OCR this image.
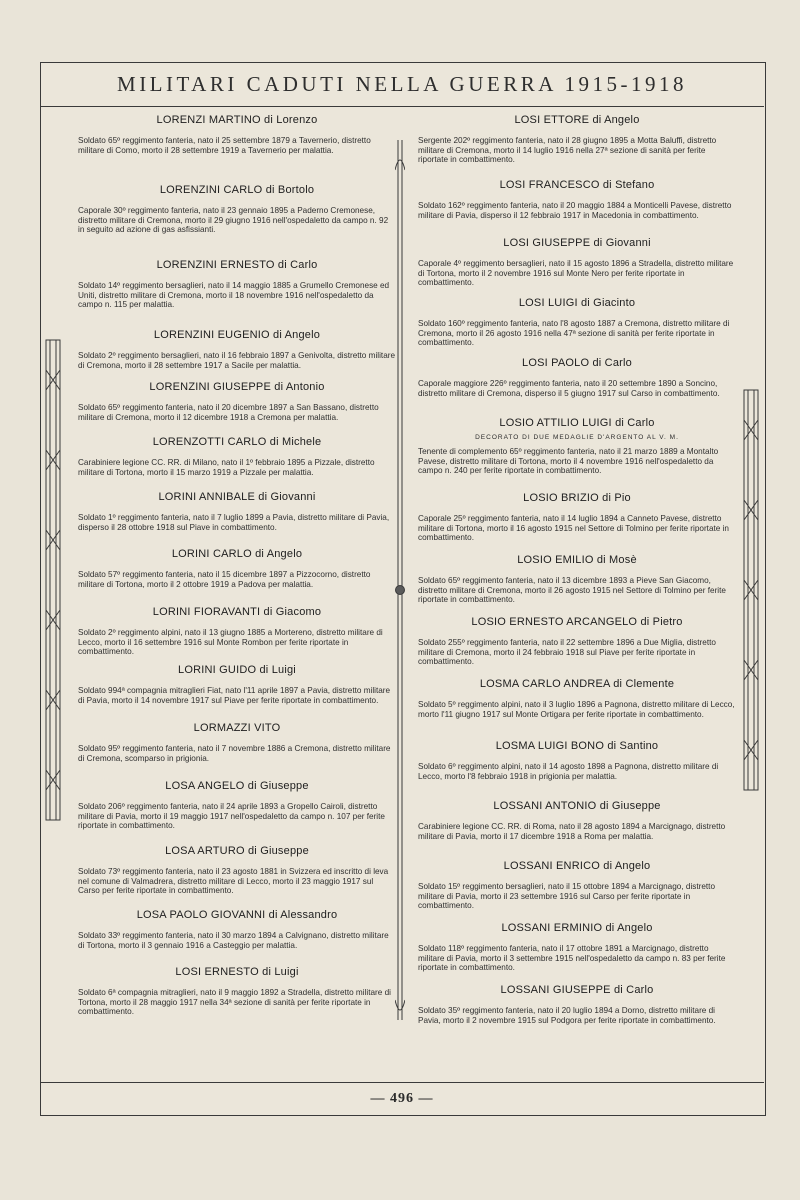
MILITARI CADUTI NELLA GUERRA 1915-1918
LORENZI MARTINO di Lorenzo

Soldato 65º reggimento fanteria, nato il 25 settembre 1879 a Tavernerio, distretto militare di Como, morto il 28 settembre 1919 a Tavernerio per malattia.

LORENZINI CARLO di Bortolo

Caporale 30º reggimento fanteria, nato il 23 gennaio 1895 a Paderno Cremonese, distretto militare di Cremona, morto il 29 giugno 1916 nell'ospedaletto da campo n. 92 in seguito ad azione di gas asfissianti.

LORENZINI ERNESTO di Carlo

Soldato 14º reggimento bersaglieri, nato il 14 maggio 1885 a Grumello Cremonese ed Uniti, distretto militare di Cremona, morto il 18 novembre 1916 nell'ospedaletto da campo n. 115 per malattia.

LORENZINI EUGENIO di Angelo

Soldato 2º reggimento bersaglieri, nato il 16 febbraio 1897 a Genivolta, distretto militare di Cremona, morto il 28 settembre 1917 a Sacile per malattia.

LORENZINI GIUSEPPE di Antonio

Soldato 65º reggimento fanteria, nato il 20 dicembre 1897 a San Bassano, distretto militare di Cremona, morto il 12 dicembre 1918 a Cremona per malattia.

LORENZOTTI CARLO di Michele

Carabiniere legione CC. RR. di Milano, nato il 1º febbraio 1895 a Pizzale, distretto militare di Tortona, morto il 15 marzo 1919 a Pizzale per malattia.

LORINI ANNIBALE di Giovanni

Soldato 1º reggimento fanteria, nato il 7 luglio 1899 a Pavia, distretto militare di Pavia, disperso il 28 ottobre 1918 sul Piave in combattimento.

LORINI CARLO di Angelo

Soldato 57º reggimento fanteria, nato il 15 dicembre 1897 a Pizzocorno, distretto militare di Tortona, morto il 2 ottobre 1919 a Padova per malattia.

LORINI FIORAVANTI di Giacomo

Soldato 2º reggimento alpini, nato il 13 giugno 1885 a Mortereno, distretto militare di Lecco, morto il 16 settembre 1916 sul Monte Rombon per ferite riportate in combattimento.

LORINI GUIDO di Luigi

Soldato 994ª compagnia mitraglieri Fiat, nato l'11 aprile 1897 a Pavia, distretto militare di Pavia, morto il 14 novembre 1917 sul Piave per ferite riportate in combattimento.

LORMAZZI VITO

Soldato 95º reggimento fanteria, nato il 7 novembre 1886 a Cremona, distretto militare di Cremona, scomparso in prigionia.

LOSA ANGELO di Giuseppe

Soldato 206º reggimento fanteria, nato il 24 aprile 1893 a Gropello Cairoli, distretto militare di Pavia, morto il 19 maggio 1917 nell'ospedaletto da campo n. 107 per ferite riportate in combattimento.

LOSA ARTURO di Giuseppe

Soldato 73º reggimento fanteria, nato il 23 agosto 1881 in Svizzera ed inscritto di leva nel comune di Valmadrera, distretto militare di Lecco, morto il 23 maggio 1917 sul Carso per ferite riportate in combattimento.

LOSA PAOLO GIOVANNI di Alessandro

Soldato 33º reggimento fanteria, nato il 30 marzo 1894 a Calvignano, distretto militare di Tortona, morto il 3 gennaio 1916 a Casteggio per malattia.

LOSI ERNESTO di Luigi

Soldato 6ª compagnia mitraglieri, nato il 9 maggio 1892 a Stradella, distretto militare di Tortona, morto il 28 maggio 1917 nella 34ª sezione di sanità per ferite riportate in combattimento.

LOSI ETTORE di Angelo

Sergente 202º reggimento fanteria, nato il 28 giugno 1895 a Motta Baluffi, distretto militare di Cremona, morto il 14 luglio 1916 nella 27ª sezione di sanità per ferite riportate in combattimento.

LOSI FRANCESCO di Stefano

Soldato 162º reggimento fanteria, nato il 20 maggio 1884 a Monticelli Pavese, distretto militare di Pavia, disperso il 12 febbraio 1917 in Macedonia in combattimento.

LOSI GIUSEPPE di Giovanni

Caporale 4º reggimento bersaglieri, nato il 15 agosto 1896 a Stradella, distretto militare di Tortona, morto il 2 novembre 1916 sul Monte Nero per ferite riportate in combattimento.

LOSI LUIGI di Giacinto

Soldato 160º reggimento fanteria, nato l'8 agosto 1887 a Cremona, distretto militare di Cremona, morto il 26 agosto 1916 nella 47ª sezione di sanità per ferite riportate in combattimento.

LOSI PAOLO di Carlo

Caporale maggiore 226º reggimento fanteria, nato il 20 settembre 1890 a Soncino, distretto militare di Cremona, disperso il 5 giugno 1917 sul Carso in combattimento.

LOSIO ATTILIO LUIGI di Carlo
DECORATO DI DUE MEDAGLIE D'ARGENTO AL V. M.

Tenente di complemento 65º reggimento fanteria, nato il 21 marzo 1889 a Montalto Pavese, distretto militare di Tortona, morto il 4 novembre 1916 nell'ospedaletto da campo n. 240 per ferite riportate in combattimento.

LOSIO BRIZIO di Pio

Caporale 25º reggimento fanteria, nato il 14 luglio 1894 a Canneto Pavese, distretto militare di Tortona, morto il 16 agosto 1915 nel Settore di Tolmino per ferite riportate in combattimento.

LOSIO EMILIO di Mosè

Soldato 65º reggimento fanteria, nato il 13 dicembre 1893 a Pieve San Giacomo, distretto militare di Cremona, morto il 26 agosto 1915 nel Settore di Tolmino per ferite riportate in combattimento.

LOSIO ERNESTO ARCANGELO di Pietro

Soldato 255º reggimento fanteria, nato il 22 settembre 1896 a Due Miglia, distretto militare di Cremona, morto il 24 febbraio 1918 sul Piave per ferite riportate in combattimento.

LOSMA CARLO ANDREA di Clemente

Soldato 5º reggimento alpini, nato il 3 luglio 1896 a Pagnona, distretto militare di Lecco, morto l'11 giugno 1917 sul Monte Ortigara per ferite riportate in combattimento.

LOSMA LUIGI BONO di Santino

Soldato 6º reggimento alpini, nato il 14 agosto 1898 a Pagnona, distretto militare di Lecco, morto l'8 febbraio 1918 in prigionia per malattia.

LOSSANI ANTONIO di Giuseppe

Carabiniere legione CC. RR. di Roma, nato il 28 agosto 1894 a Marcignago, distretto militare di Pavia, morto il 17 dicembre 1918 a Roma per malattia.

LOSSANI ENRICO di Angelo

Soldato 15º reggimento bersaglieri, nato il 15 ottobre 1894 a Marcignago, distretto militare di Pavia, morto il 23 settembre 1916 sul Carso per ferite riportate in combattimento.

LOSSANI ERMINIO di Angelo

Soldato 118º reggimento fanteria, nato il 17 ottobre 1891 a Marcignago, distretto militare di Pavia, morto il 3 settembre 1915 nell'ospedaletto da campo n. 83 per ferite riportate in combattimento.

LOSSANI GIUSEPPE di Carlo

Soldato 35º reggimento fanteria, nato il 20 luglio 1894 a Dorno, distretto militare di Pavia, morto il 2 novembre 1915 sul Podgora per ferite riportate in combattimento.

— 496 —
